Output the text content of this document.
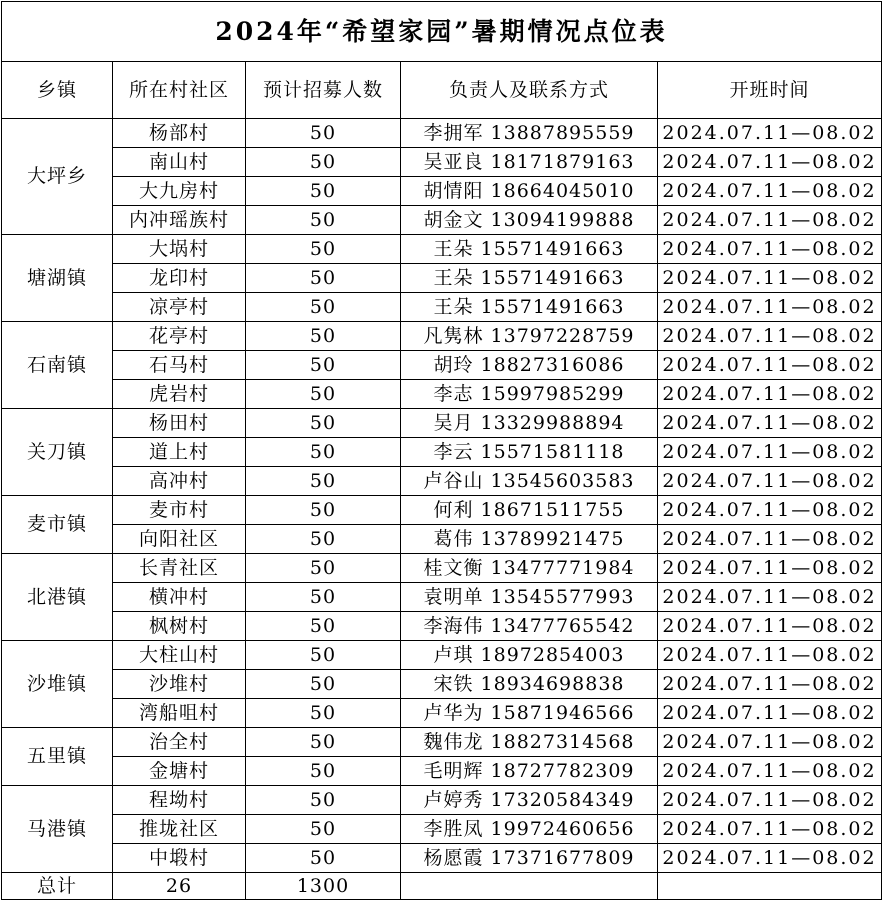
2024年“希望家园”暑期情况点位表				
乡镇	所在村社区	预计招募人数	负责人及联系方式	开班时间
大坪乡	杨部村	50	李拥军 13887895559	2024.07.11—08.02
	南山村	50	吴亚良 18171879163	2024.07.11—08.02
	大九房村	50	胡情阳 18664045010	2024.07.11—08.02
	内冲瑶族村	50	胡金文 13094199888	2024.07.11—08.02
塘湖镇	大埚村	50	王朵 15571491663	2024.07.11—08.02
	龙印村	50	王朵 15571491663	2024.07.11—08.02
	凉亭村	50	王朵 15571491663	2024.07.11—08.02
石南镇	花亭村	50	凡隽林 13797228759	2024.07.11—08.02
	石马村	50	胡玲 18827316086	2024.07.11—08.02
	虎岩村	50	李志 15997985299	2024.07.11—08.02
关刀镇	杨田村	50	吴月 13329988894	2024.07.11—08.02
	道上村	50	李云 15571581118	2024.07.11—08.02
	高冲村	50	卢谷山 13545603583	2024.07.11—08.02
麦市镇	麦市村	50	何利 18671511755	2024.07.11—08.02
	向阳社区	50	葛伟 13789921475	2024.07.11—08.02
北港镇	长青社区	50	桂文衡 13477771984	2024.07.11—08.02
	横冲村	50	袁明单 13545577993	2024.07.11—08.02
	枫树村	50	李海伟 13477765542	2024.07.11—08.02
沙堆镇	大柱山村	50	卢琪 18972854003	2024.07.11—08.02
	沙堆村	50	宋铁 18934698838	2024.07.11—08.02
	湾船咀村	50	卢华为 15871946566	2024.07.11—08.02
五里镇	治全村	50	魏伟龙 18827314568	2024.07.11—08.02
	金塘村	50	毛明辉 18727782309	2024.07.11—08.02
马港镇	程坳村	50	卢婷秀 17320584349	2024.07.11—08.02
	推垅社区	50	李胜凤 19972460656	2024.07.11—08.02
	中塅村	50	杨愿霞 17371677809	2024.07.11—08.02
总计	26	1300		
